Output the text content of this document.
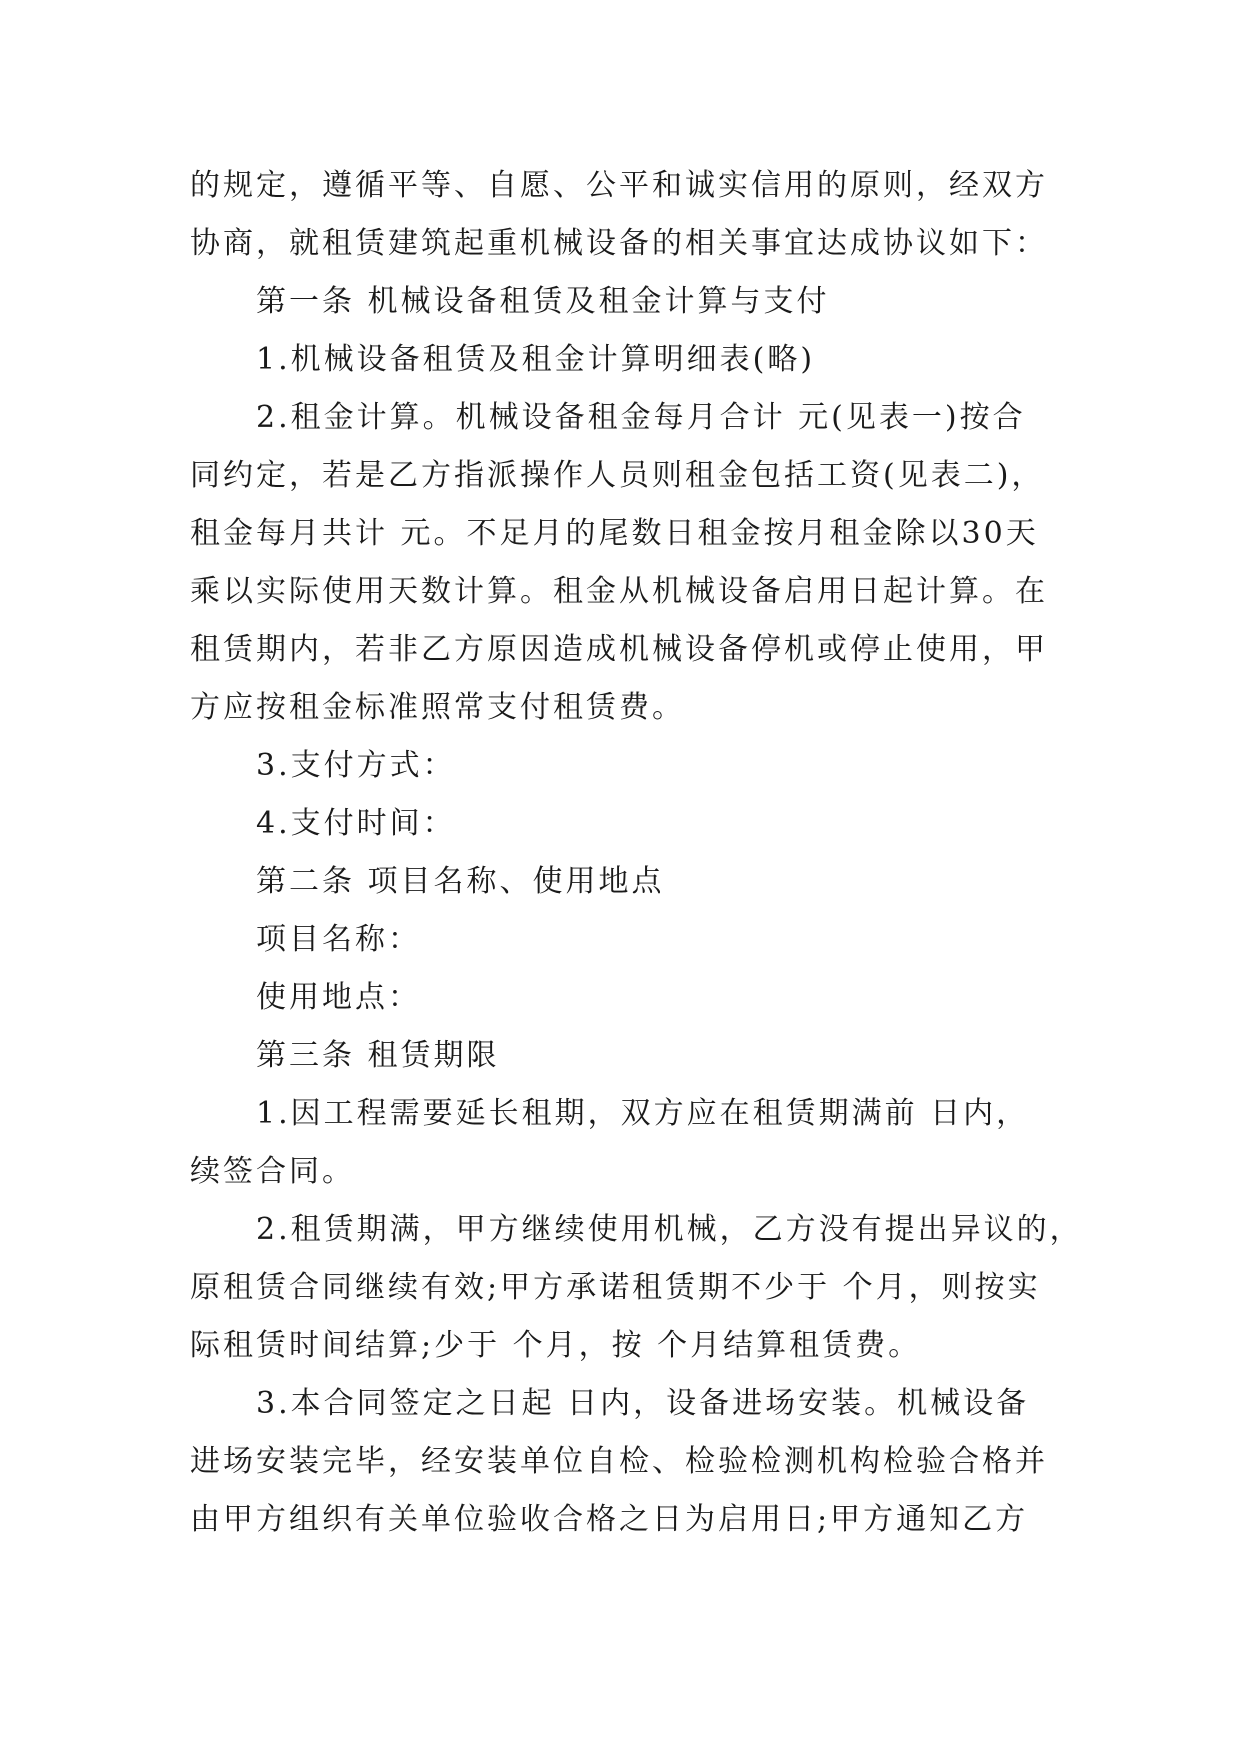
的规定，遵循平等、自愿、公平和诚实信用的原则，经双方
协商，就租赁建筑起重机械设备的相关事宜达成协议如下：
第一条 机械设备租赁及租金计算与支付
1.机械设备租赁及租金计算明细表(略)
2.租金计算。机械设备租金每月合计 元(见表一)按合
同约定，若是乙方指派操作人员则租金包括工资(见表二)，
租金每月共计 元。不足月的尾数日租金按月租金除以30天
乘以实际使用天数计算。租金从机械设备启用日起计算。在
租赁期内，若非乙方原因造成机械设备停机或停止使用，甲
方应按租金标准照常支付租赁费。
3.支付方式：
4.支付时间：
第二条 项目名称、使用地点
项目名称：
使用地点：
第三条 租赁期限
1.因工程需要延长租期，双方应在租赁期满前 日内，
续签合同。
2.租赁期满，甲方继续使用机械，乙方没有提出异议的，
原租赁合同继续有效;甲方承诺租赁期不少于 个月，则按实
际租赁时间结算;少于 个月，按 个月结算租赁费。
3.本合同签定之日起 日内，设备进场安装。机械设备
进场安装完毕，经安装单位自检、检验检测机构检验合格并
由甲方组织有关单位验收合格之日为启用日;甲方通知乙方
